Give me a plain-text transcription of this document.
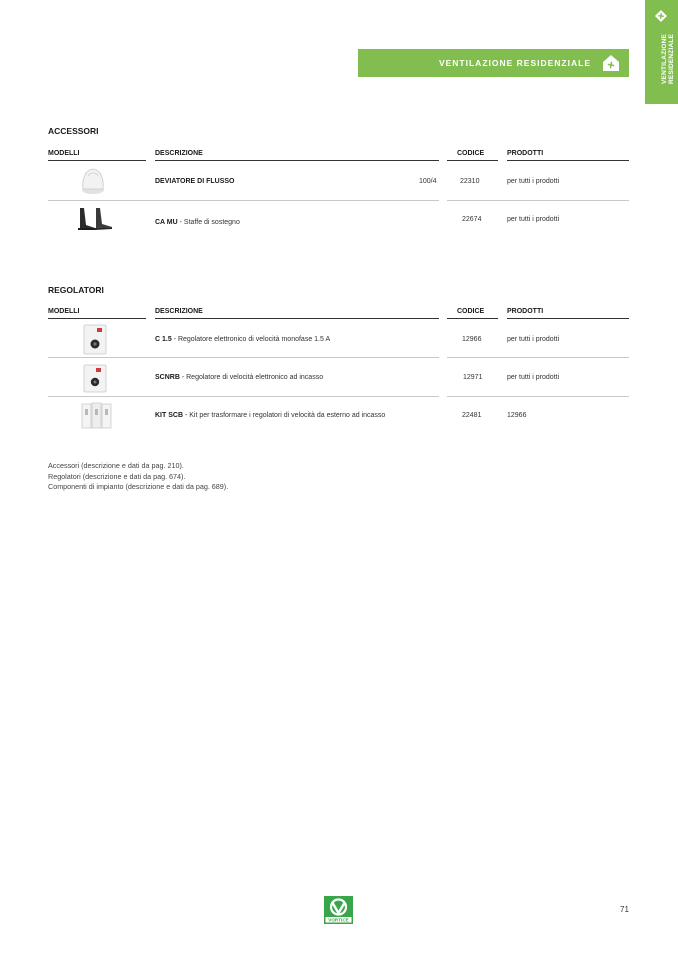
VENTILAZIONE RESIDENZIALE
VENTILAZIONE RESIDENZIALE
ACCESSORI
MODELLI	DESCRIZIONE	CODICE	PRODOTTI
DEVIATORE DI FLUSSO	100/4	22310	per tutti i prodotti
CA MU - Staffe di sostegno	22674	per tutti i prodotti
REGOLATORI
MODELLI	DESCRIZIONE	CODICE	PRODOTTI
C 1.5 - Regolatore elettronico di velocità monofase 1.5 A	12966	per tutti i prodotti
SCNRB - Regolatore di velocità elettronico ad incasso	12971	per tutti i prodotti
KIT SCB - Kit per trasformare i regolatori di velocità da esterno ad incasso	22481	12966
Accessori (descrizione e dati da pag. 210).
Regolatori (descrizione e dati da pag. 674).
Componenti di impianto (descrizione e dati da pag. 689).
VORTICE
71
